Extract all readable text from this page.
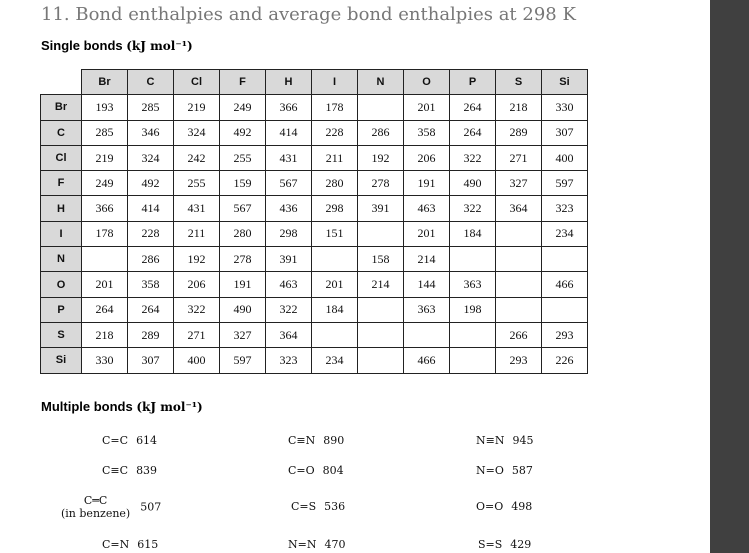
11. Bond enthalpies and average bond enthalpies at 298 K
Single bonds (kJ mol⁻¹)
	Br	C	Cl	F	H	I	N	O	P	S	Si
Br	193	285	219	249	366	178		201	264	218	330
C	285	346	324	492	414	228	286	358	264	289	307
Cl	219	324	242	255	431	211	192	206	322	271	400
F	249	492	255	159	567	280	278	191	490	327	597
H	366	414	431	567	436	298	391	463	322	364	323
I	178	228	211	280	298	151		201	184		234
N		286	192	278	391		158	214			
O	201	358	206	191	463	201	214	144	363		466
P	264	264	322	490	322	184		363	198		
S	218	289	271	327	364					266	293
Si	330	307	400	597	323	234		466		293	226
Multiple bonds (kJ mol⁻¹)
C=C 614	C≡N 890	N≡N 945
C≡C 839	C=O 804	N=O 587
C═C
(in benzene) 507	C=S 536	O=O 498
C=N 615	N=N 470	S=S 429
